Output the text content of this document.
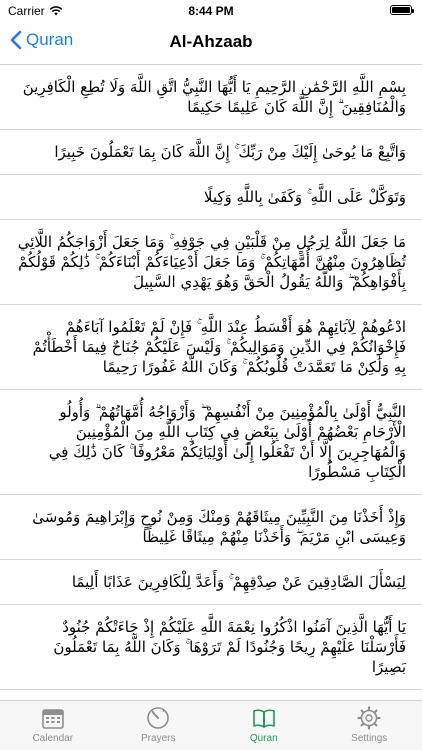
Carrier	8:44 PM
Quran	Al-Ahzaab
بِسْمِ اللَّهِ الرَّحْمَٰنِ الرَّحِيمِ يَا أَيُّهَا النَّبِيُّ اتَّقِ اللَّهَ وَلَا تُطِعِ الْكَافِرِينَ وَالْمُنَافِقِينَ ۗ إِنَّ اللَّهَ كَانَ عَلِيمًا حَكِيمًا
وَاتَّبِعْ مَا يُوحَىٰ إِلَيْكَ مِنْ رَبِّكَ ۚ إِنَّ اللَّهَ كَانَ بِمَا تَعْمَلُونَ خَبِيرًا
وَتَوَكَّلْ عَلَى اللَّهِ ۚ وَكَفَىٰ بِاللَّهِ وَكِيلًا
مَا جَعَلَ اللَّهُ لِرَجُلٍ مِنْ قَلْبَيْنِ فِي جَوْفِهِ ۚ وَمَا جَعَلَ أَزْوَاجَكُمُ اللَّائِي تُظَاهِرُونَ مِنْهُنَّ أُمَّهَاتِكُمْ ۚ وَمَا جَعَلَ أَدْعِيَاءَكُمْ أَبْنَاءَكُمْ ۚ ذَٰلِكُمْ قَوْلُكُمْ بِأَفْوَاهِكُمْ ۖ وَاللَّهُ يَقُولُ الْحَقَّ وَهُوَ يَهْدِي السَّبِيلَ
ادْعُوهُمْ لِآبَائِهِمْ هُوَ أَقْسَطُ عِنْدَ اللَّهِ ۚ فَإِنْ لَمْ تَعْلَمُوا آبَاءَهُمْ فَإِخْوَانُكُمْ فِي الدِّينِ وَمَوَالِيكُمْ ۚ وَلَيْسَ عَلَيْكُمْ جُنَاحٌ فِيمَا أَخْطَأْتُمْ بِهِ وَلَٰكِنْ مَا تَعَمَّدَتْ قُلُوبُكُمْ ۚ وَكَانَ اللَّهُ غَفُورًا رَحِيمًا
النَّبِيُّ أَوْلَىٰ بِالْمُؤْمِنِينَ مِنْ أَنْفُسِهِمْ ۖ وَأَزْوَاجُهُ أُمَّهَاتُهُمْ ۗ وَأُولُو الْأَرْحَامِ بَعْضُهُمْ أَوْلَىٰ بِبَعْضٍ فِي كِتَابِ اللَّهِ مِنَ الْمُؤْمِنِينَ وَالْمُهَاجِرِينَ إِلَّا أَنْ تَفْعَلُوا إِلَىٰ أَوْلِيَائِكُمْ مَعْرُوفًا ۚ كَانَ ذَٰلِكَ فِي الْكِتَابِ مَسْطُورًا
وَإِذْ أَخَذْنَا مِنَ النَّبِيِّينَ مِيثَاقَهُمْ وَمِنْكَ وَمِنْ نُوحٍ وَإِبْرَاهِيمَ وَمُوسَىٰ وَعِيسَى ابْنِ مَرْيَمَ ۖ وَأَخَذْنَا مِنْهُمْ مِيثَاقًا غَلِيظًا
لِيَسْأَلَ الصَّادِقِينَ عَنْ صِدْقِهِمْ ۚ وَأَعَدَّ لِلْكَافِرِينَ عَذَابًا أَلِيمًا
يَا أَيُّهَا الَّذِينَ آمَنُوا اذْكُرُوا نِعْمَةَ اللَّهِ عَلَيْكُمْ إِذْ جَاءَتْكُمْ جُنُودٌ فَأَرْسَلْنَا عَلَيْهِمْ رِيحًا وَجُنُودًا لَمْ تَرَوْهَا ۚ وَكَانَ اللَّهُ بِمَا تَعْمَلُونَ بَصِيرًا
Calendar	Prayers	Quran	Settings
